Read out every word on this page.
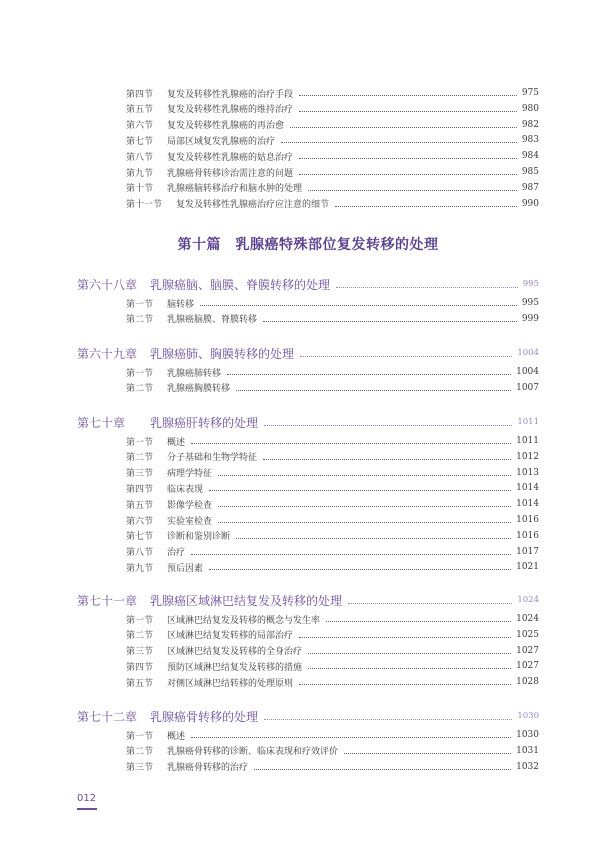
第四节 复发及转移性乳腺癌的治疗手段	975
第五节 复发及转移性乳腺癌的维持治疗	980
第六节 复发及转移性乳腺癌的再治愈	982
第七节 局部区域复发乳腺癌的治疗	983
第八节 复发及转移性乳腺癌的姑息治疗	984
第九节 乳腺癌骨转移诊治需注意的问题	985
第十节 乳腺癌脑转移治疗和脑水肿的处理	987
第十一节 复发及转移性乳腺癌治疗应注意的细节	990
第十篇　乳腺癌特殊部位复发转移的处理
第六十八章 乳腺癌脑、脑膜、脊膜转移的处理	995
第一节 脑转移	995
第二节 乳腺癌脑膜、脊膜转移	999
第六十九章 乳腺癌肺、胸膜转移的处理	1004
第一节 乳腺癌肺转移	1004
第二节 乳腺癌胸膜转移	1007
第七十章 乳腺癌肝转移的处理	1011
第一节 概述	1011
第二节 分子基础和生物学特征	1012
第三节 病理学特征	1013
第四节 临床表现	1014
第五节 影像学检查	1014
第六节 实验室检查	1016
第七节 诊断和鉴别诊断	1016
第八节 治疗	1017
第九节 预后因素	1021
第七十一章 乳腺癌区域淋巴结复发及转移的处理	1024
第一节 区域淋巴结复发及转移的概念与发生率	1024
第二节 区域淋巴结复发转移的局部治疗	1025
第三节 区域淋巴结复发及转移的全身治疗	1027
第四节 预防区域淋巴结复发及转移的措施	1027
第五节 对侧区域淋巴结转移的处理原则	1028
第七十二章 乳腺癌骨转移的处理	1030
第一节 概述	1030
第二节 乳腺癌骨转移的诊断、临床表现和疗效评价	1031
第三节 乳腺癌骨转移的治疗	1032
012
